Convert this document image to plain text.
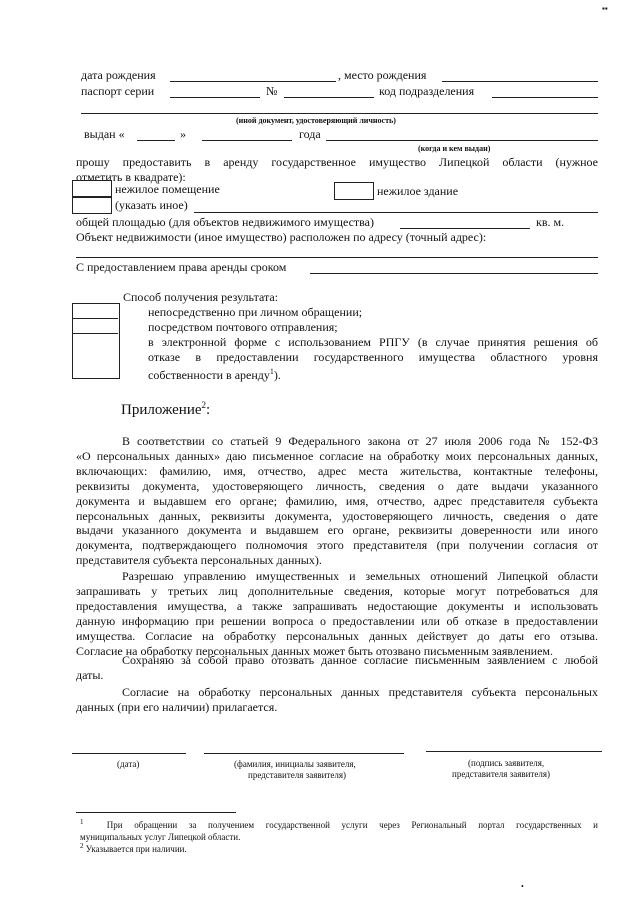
▪▪
дата рождения	, место рождения
паспорт серии	№	код подразделения
(иной документ, удостоверяющий личность)
выдан «	»	года
(когда и кем выдан)
прошу предоставить в аренду государственное имущество Липецкой области (нужное
отметить в квадрате):
нежилое помещение	нежилое здание
(указать иное)
общей площадью (для объектов недвижимого имущества)	кв. м.
Объект недвижимости (иное имущество) расположен по адресу (точный адрес):
С предоставлением права аренды сроком
Способ получения результата:
непосредственно при личном обращении;
посредством почтового отправления;
в электронной форме с использованием РПГУ (в случае принятия решения об
отказе в предоставлении государственного имущества областного уровня
собственности в аренду$^1$).
Приложение$^2$:
В соответствии со статьей 9 Федерального закона от 27 июля 2006 года № 152-ФЗ
«О персональных данных» даю письменное согласие на обработку моих персональных данных,
включающих: фамилию, имя, отчество, адрес места жительства, контактные телефоны,
реквизиты документа, удостоверяющего личность, сведения о дате выдачи указанного
документа и выдавшем его органе; фамилию, имя, отчество, адрес представителя субъекта
персональных данных, реквизиты документа, удостоверяющего личность, сведения о дате
выдачи указанного документа и выдавшем его органе, реквизиты доверенности или иного
документа, подтверждающего полномочия этого представителя (при получении согласия от
представителя субъекта персональных данных).
Разрешаю управлению имущественных и земельных отношений Липецкой области
запрашивать у третьих лиц дополнительные сведения, которые могут потребоваться для
предоставления имущества, а также запрашивать недостающие документы и использовать
данную информацию при решении вопроса о предоставлении или об отказе в предоставлении
имущества. Согласие на обработку персональных данных действует до даты его отзыва.
Согласие на обработку персональных данных может быть отозвано письменным заявлением.
Сохраняю за собой право отозвать данное согласие письменным заявлением с любой
даты.
Согласие на обработку персональных данных представителя субъекта персональных
данных (при его наличии) прилагается.
(дата)	(фамилия, инициалы заявителя,
представителя заявителя)
(подпись заявителя,
представителя заявителя)
$^1$	При обращении за получением государственной услуги через Региональный портал государственных и
муниципальных услуг Липецкой области.
$^2$ Указывается при наличии.
•
